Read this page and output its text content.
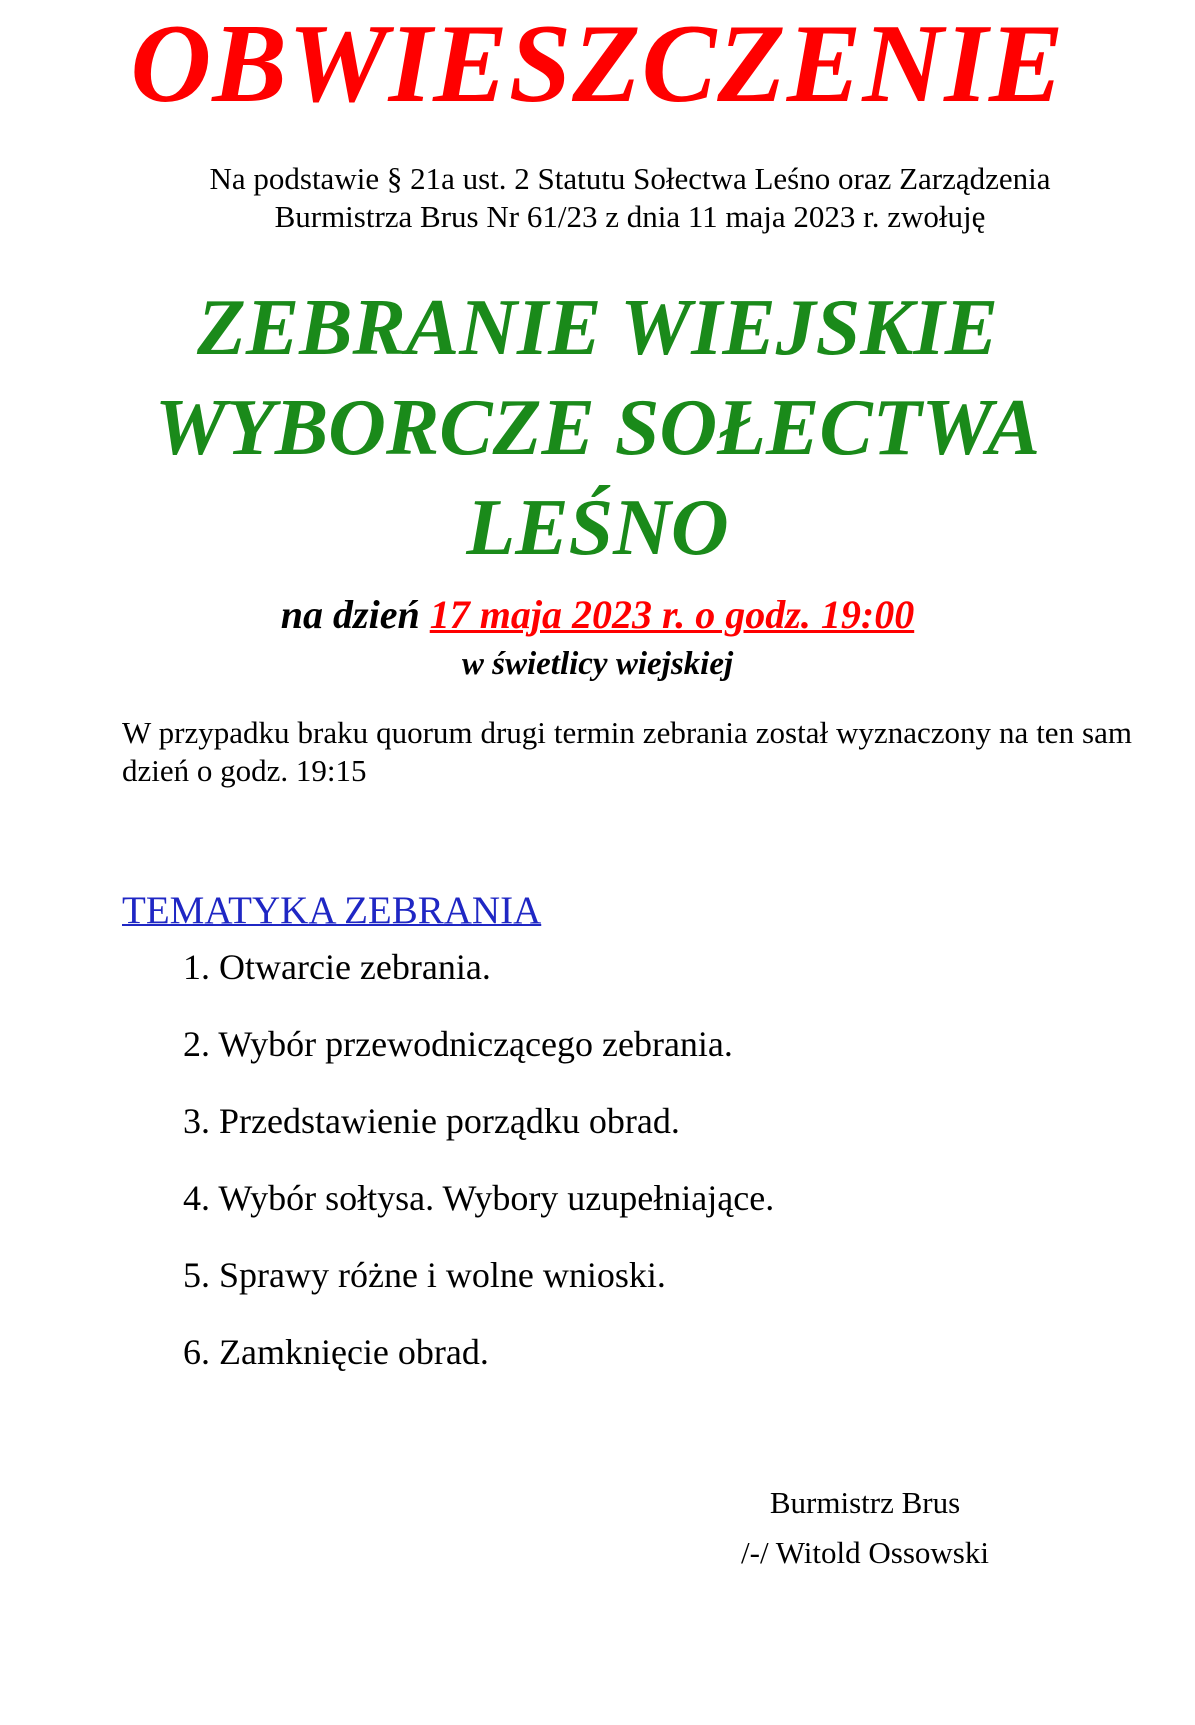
OBWIESZCZENIE
Na podstawie § 21a ust. 2 Statutu Sołectwa Leśno oraz Zarządzenia
Burmistrza Brus Nr 61/23 z dnia 11 maja 2023 r. zwołuję
ZEBRANIE WIEJSKIE
WYBORCZE SOŁECTWA
LEŚNO
na dzień 17 maja 2023 r. o godz. 19:00
w świetlicy wiejskiej
W przypadku braku quorum drugi termin zebrania został wyznaczony na ten sam dzień o godz. 19:15
TEMATYKA ZEBRANIA
1. Otwarcie zebrania.
2. Wybór przewodniczącego zebrania.
3. Przedstawienie porządku obrad.
4. Wybór sołtysa. Wybory uzupełniające.
5. Sprawy różne i wolne wnioski.
6. Zamknięcie obrad.
Burmistrz Brus
/-/ Witold Ossowski
